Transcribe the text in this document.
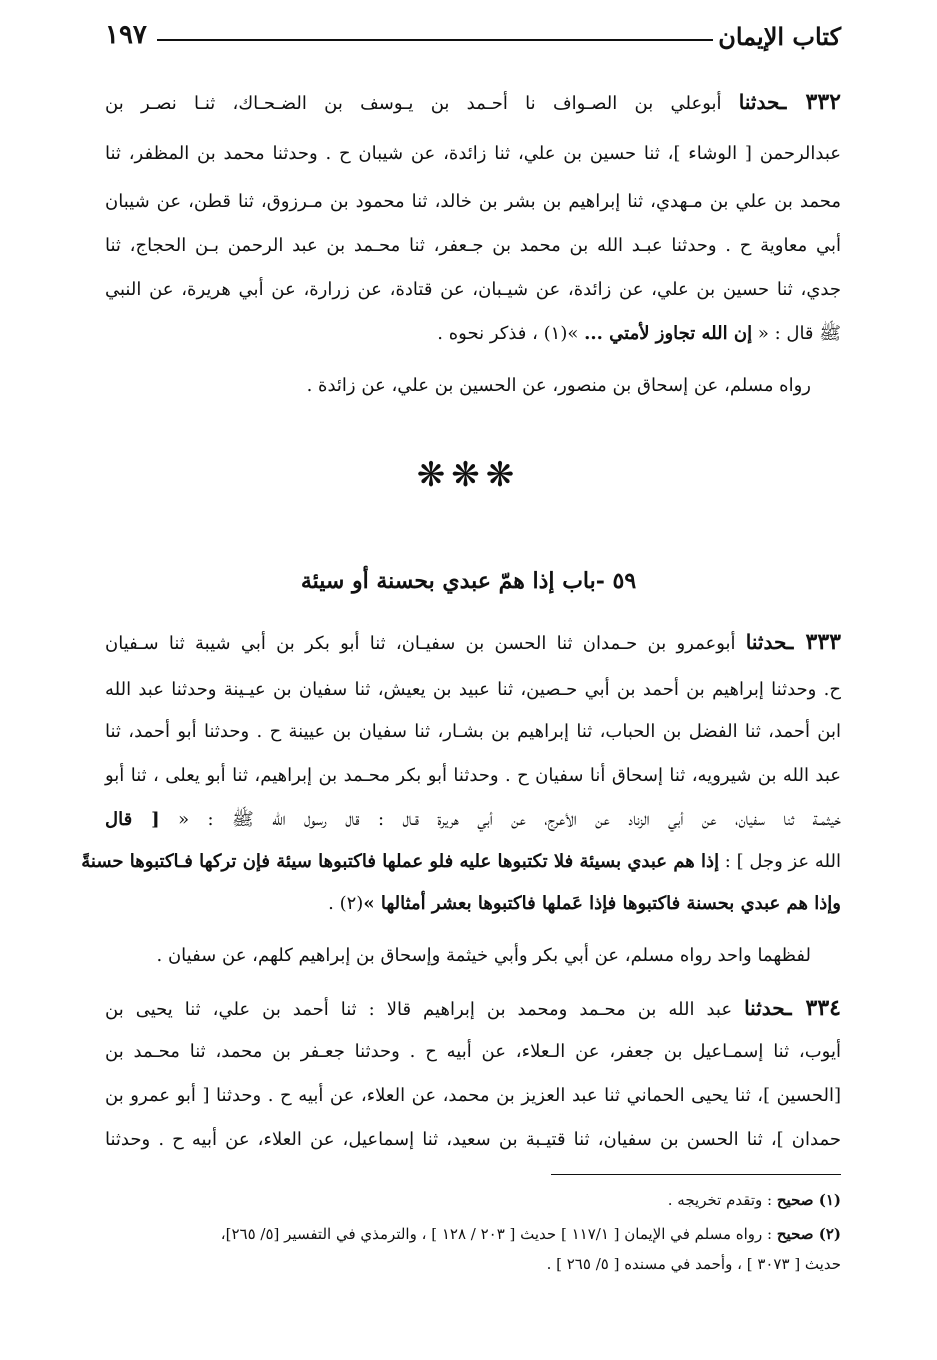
كتاب الإيمان
١٩٧
٣٣٢ ـحدثنا أبوعلي بن الصـواف نا أحـمد بن يـوسف بن الضـحـاك، ثنـا نصـر بن
عبدالرحمن [ الوشاء ]، ثنا حسين بن علي، ثنا زائدة، عن شيبان ح . وحدثنا محمد بن المظفر، ثنا
محمد بن علي بن مـهدي، ثنا إبراهيم بن بشر بن خالد، ثنا محمود بن مـرزوق، ثنا قطن، عن شيبان
أبي معاوية ح . وحدثنا عبـد الله بن محمد بن جـعفر، ثنا محـمد بن عبد الرحمن بـن الحجاج، ثنا
جدي، ثنا حسين بن علي، عن زائدة، عن شيـبان، عن قتادة، عن زرارة، عن أبي هريرة، عن النبي
ﷺ قال : « إن الله تجاوز لأمتي ... »(١) ، فذكر نحوه .
رواه مسلم، عن إسحاق بن منصور، عن الحسين بن علي، عن زائدة .
❋❋❋
٥٩ -باب إذا همّ عبدي بحسنة أو سيئة
٣٣٣ ـحدثنا أبوعمرو بن حـمدان ثنا الحسن بن سفيـان، ثنا أبو بكر بن أبي شيبة ثنا سـفيان
ح. وحدثنا إبراهيم بن أحمد بن أبي حـصين، ثنا عبيد بن يعيش، ثنا سفيان بن عيـينة وحدثنا عبد الله
ابن أحمد، ثنا الفضل بن الحباب، ثنا إبراهيم بن بشـار، ثنا سفيان بن عيينة ح . وحدثنا أبو أحمد، ثنا
عبد الله بن شيرويه، ثنا إسحاق أنا سفيان ح . وحدثنا أبو بكر محـمد بن إبراهيم، ثنا أبو يعلى ، ثنا أبو
خيثمـة ثنا سفيان، عن أبي الزناد عن الأعرج، عن أبي هريرة قـال : قال رسول الله ﷺ : « [ قال
الله عز وجل ] : إذا هم عبدي بسيئة فلا تكتبوها عليه فلو عملها فاكتبوها سيئة فإن تركها فـاكتبوها حسنةً
وإذا هم عبدي بحسنة فاكتبوها فإذا عَملها فاكتبوها بعشر أمثالها »(٢) .
لفظهما واحد رواه مسلم، عن أبي بكر وأبي خيثمة وإسحاق بن إبراهيم كلهم، عن سفيان .
٣٣٤ ـحدثنا عبد الله بن محـمد ومحمد بن إبراهيم قالا : ثنا أحمد بن علي، ثنا يحيى بن
أيوب، ثنا إسمـاعيل بن جعفر، عن الـعلاء، عن أبيه ح . وحدثنا جعـفر بن محمد، ثنا محـمد بن
[الحسين ]، ثنا يحيى الحماني ثنا عبد العزيز بن محمد، عن العلاء، عن أبيه ح . وحدثنا [ أبو عمرو بن
حمدان ]، ثنا الحسن بن سفيان، ثنا قتيـبة بن سعيد، ثنا إسماعيل، عن العلاء، عن أبيه ح . وحدثنا
(١) صحيح : وتقدم تخريجه .
(٢) صحيح : رواه مسلم في الإيمان [ ١١٧/١ ] حديث [ ٢٠٣ / ١٢٨ ] ، والترمذي في التفسير [٥/ ٢٦٥]،
حديث [ ٣٠٧٣ ] ، وأحمد في مسنده [ ٥/ ٢٦٥ ] .
